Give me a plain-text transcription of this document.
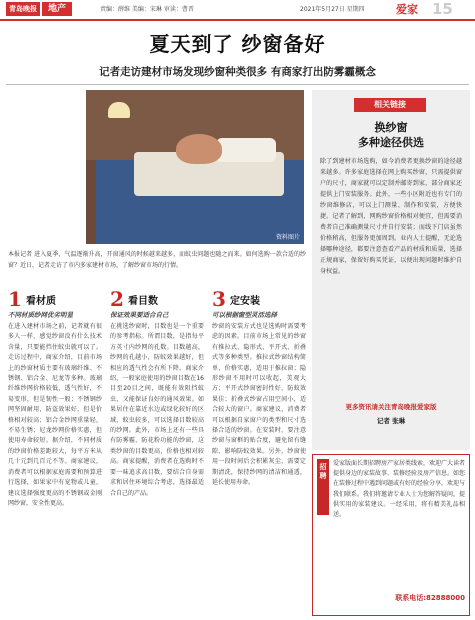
青岛晚报	地产	责编：薛维 美编：宋琳 审读：曹晋	2021年5月27日 星期四	爱家 15
夏天到了 纱窗备好
记者走访建材市场发现纱窗种类很多 有商家打出防雾霾概念
资料图片
本报记者 进入夏季，气温逐渐升高，开窗通风的时候越来越多，而蚊虫问题也随之而来。如何选购一款合适的纱窗？近日，记者走访了市内多家建材市场，了解纱窗市场的行情。
1 看材质
不同材质纱网优劣明显
在进入建材市场之前，记者就有很多人一样，感觉纱窗没有什么技术含量，只要能挡住蚊虫就可以了。走访过程中，商家介绍，目前市场上的纱窗材质主要有玻璃纤维、不锈钢、铝合金、尼龙等多种。玻璃纤维纱网价格较低，透气性好，不易变形，但是韧性一般；不锈钢纱网坚固耐用，防盗效果好，但是价格相对较高；铝合金纱网重量轻，不易生锈；尼龙纱网价格实惠，但使用寿命较短。据介绍，不同材质的纱窗价格差距较大，每平方米从几十元到几百元不等。商家建议，消费者可以根据家庭需要和预算进行选择，如果家中有宠物或儿童，建议选择强度更高的不锈钢或金刚网纱窗，安全性更高。
2 看目数
保证效果要适合自己
在挑选纱窗时，目数也是一个重要的参考指标。所谓目数，是指每平方英寸内纱网的孔数。目数越高，纱网的孔越小，防蚊效果越好，但相应的透气性会有所下降。商家介绍，一般家庭使用的纱窗目数在16目至20目之间，既能有效阻挡蚊虫，又能保证良好的通风效果。如果居住在靠近水边或绿化较好的区域，蚊虫较多，可以选择目数较高的纱网。此外，市场上还有一些具有防雾霾、防花粉功能的纱窗，这类纱窗的目数更高，价格也相对较高。商家提醒，消费者在选购时不要一味追求高目数，要结合自身需求和居住环境综合考虑，选择最适合自己的产品。
3 定安装
可以根据窗型灵活选择
纱窗的安装方式也是选购时需要考虑的因素。目前市场上常见的纱窗有推拉式、隐形式、平开式、折叠式等多种类型。推拉式纱窗结构简单，价格实惠，适用于推拉窗；隐形纱窗不用时可以收起，美观大方；平开式纱窗密封性好，防蚊效果佳；折叠式纱窗占用空间小，适合较大的窗户。商家建议，消费者可以根据自家窗户的类型和尺寸选择合适的纱窗。在安装时，要注意纱窗与窗框的贴合度，避免留有缝隙，影响防蚊效果。另外，纱窗使用一段时间后会积累灰尘，需要定期清洗，保持纱网的清洁和通透，延长使用寿命。
相关链接
换纱窗
多种途径供选
除了到建材市场选购，如今消费者更换纱窗的途径越来越多。许多家庭选择在网上购买纱窗，只需提供窗户的尺寸，商家就可以定制并邮寄到家，部分商家还提供上门安装服务。此外，一些小区附近也有专门的纱窗维修店，可以上门测量、制作和安装，方便快捷。记者了解到，网购纱窗价格相对便宜，但需要消费者自己准确测量尺寸并自行安装；而线下门店虽然价格稍高，但服务更加周到。业内人士提醒，无论选择哪种途径，都要注意查看产品的材质和质量，选择正规商家，保留好购买凭证，以便出现问题时维护自身权益。
更多资讯请关注青岛晚报爱家版
记者 张琳
招聘
爱家版面长期招聘房产家居类线索，欢迎广大读者提供身边的家装故事、装修经验及房产信息。如您在装修过程中遇到问题或有好的经验分享，欢迎与我们联系。我们将邀请专业人士为您解答疑问，提供实用的家装建议。一经采用，将有精美礼品相送。
联系电话:82888000
